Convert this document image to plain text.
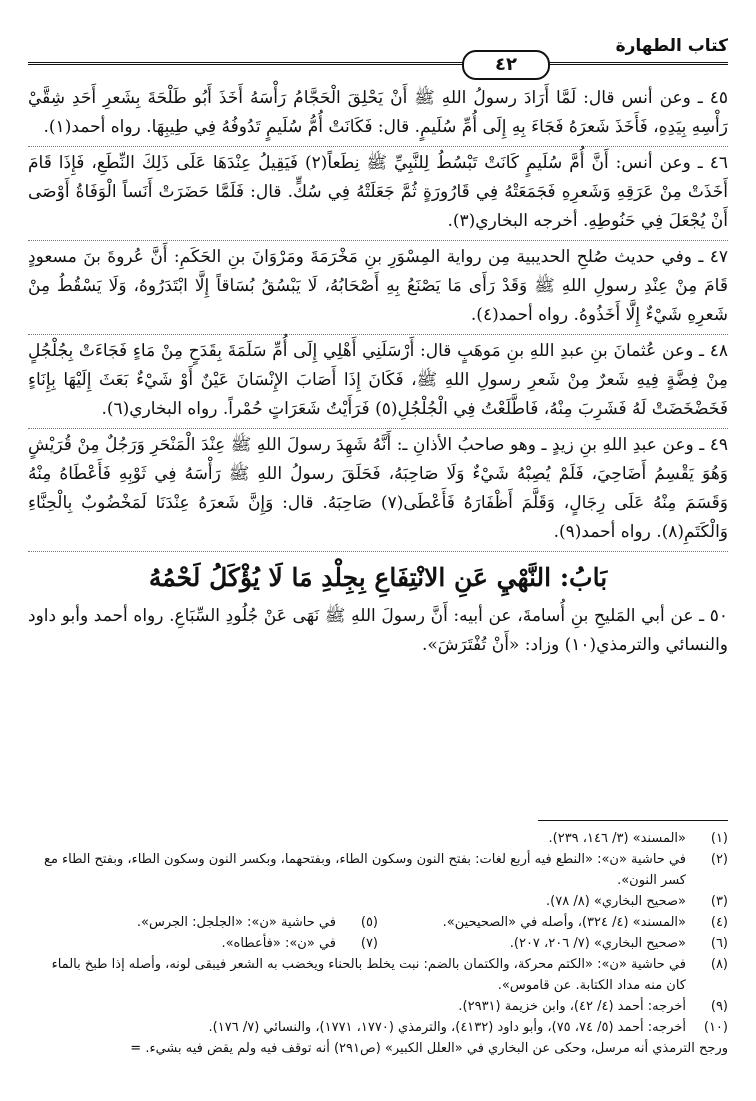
كتاب الطهارة
٤٢

٤٥ ـ وعن أنس قال: لَمَّا أَرَادَ رسولُ اللهِ ﷺ أَنْ يَحْلِقَ الْحَجَّامُ رَأْسَهُ أَخَذَ أَبُو طَلْحَةَ بِشَعرِ أَحَدِ شِقَّيْ رَأْسِهِ بِيَدِهِ، فَأَخَذَ شَعرَهُ فَجَاءَ بِهِ إِلَى أُمِّ سُلَيمٍ. قال: فَكَانَتْ أُمُّ سُلَيمٍ تَدُوفُهُ فِي طِيبِهَا. رواه أحمد(١).

٤٦ ـ وعن أنس: أَنَّ أُمَّ سُلَيمٍ كَانَتْ تَبْسُطُ لِلنَّبِيِّ ﷺ نِطَعاً(٢) فَيَقِيلُ عِنْدَهَا عَلَى ذَلِكَ النِّطَعِ، فَإِذَا قَامَ أَخَذَتْ مِنْ عَرَقِهِ وَشَعرِهِ فَجَمَعَتْهُ فِي قَارُورَةٍ ثُمَّ جَعَلَتْهُ فِي سُكٍّ. قال: فَلَمَّا حَضَرَتْ أَنَساً الْوَفَاةُ أَوْصَى أَنْ يُجْعَلَ فِي حَنُوطِهِ. أخرجه البخاري(٣).

٤٧ ـ وفي حديث صُلحِ الحديبية مِن رواية المِسْوَرِ بنِ مَخْرَمَةَ ومَرْوَانَ بنِ الحَكَمِ: أَنَّ عُروةَ بنَ مسعودٍ قَامَ مِنْ عِنْدِ رسولِ اللهِ ﷺ وَقَدْ رَأَى مَا يَصْنَعُ بِهِ أَصْحَابُهُ، لَا يَبْسُقُ بُسَاقاً إِلَّا ابْتَدَرُوهُ، وَلَا يَسْقُطُ مِنْ شَعرِهِ شَيْءٌ إِلَّا أَخَذُوهُ. رواه أحمد(٤).

٤٨ ـ وعن عُثمانَ بنِ عبدِ اللهِ بنِ مَوهَبٍ قال: أَرْسَلَنِي أَهْلِي إِلَى أُمِّ سَلَمَةَ بِقَدَحٍ مِنْ مَاءٍ فَجَاءَتْ بِجُلْجُلٍ مِنْ فِضَّةٍ فِيهِ شَعرٌ مِنْ شَعرِ رسولِ اللهِ ﷺ، فَكَانَ إِذَا أَصَابَ الإِنْسَانَ عَيْنٌ أَوْ شَيْءٌ بَعَثَ إِلَيْهَا بِإِنَاءٍ فَخَضْخَضَتْ لَهُ فَشَرِبَ مِنْهُ، فَاطَّلَعْتُ فِي الْجُلْجُلِ(٥) فَرَأَيْتُ شَعَرَاتٍ حُمْراً. رواه البخاري(٦).

٤٩ ـ وعن عبدِ اللهِ بنِ زيدٍ ـ وهو صاحبُ الأذانِ ـ: أَنَّهُ شَهِدَ رسولَ اللهِ ﷺ عِنْدَ الْمَنْحَرِ وَرَجُلٌ مِنْ قُرَيْشٍ وَهُوَ يَقْسِمُ أَضَاحِيَ، فَلَمْ يُصِبْهُ شَيْءٌ وَلَا صَاحِبَهُ، فَحَلَقَ رسولُ اللهِ ﷺ رَأْسَهُ فِي ثَوْبِهِ فَأَعْطَاهُ مِنْهُ وَقَسَمَ مِنْهُ عَلَى رِجَالٍ، وَقَلَّمَ أَظْفَارَهُ فَأَعْطَى(٧) صَاحِبَهُ. قال: وَإِنَّ شَعرَهُ عِنْدَنَا لَمَخْضُوبٌ بِالْحِنَّاءِ وَالْكَتَمِ(٨). رواه أحمد(٩).

بَابُ: النَّهْيِ عَنِ الانْتِفَاعِ بِجِلْدِ مَا لَا يُؤْكَلُ لَحْمُهُ

٥٠ ـ عن أبي المَليحِ بنِ أُسامةَ، عن أبيه: أَنَّ رسولَ اللهِ ﷺ نَهَى عَنْ جُلُودِ السِّبَاعِ. رواه أحمد وأبو داود والنسائي والترمذي(١٠) وزاد: «أَنْ تُفْتَرَشَ».

(١)
«المسند» (٣/ ١٤٦، ٢٣٩).
(٢)
في حاشية «ن»: «النطع فيه أربع لغات: بفتح النون وسكون الطاء، وبفتحهما، وبكسر النون وسكون الطاء، وبفتح الطاء مع كسر النون».
(٣)
«صحيح البخاري» (٨/ ٧٨).
(٤)
«المسند» (٤/ ٣٢٤)، وأصله في «الصحيحين».
(٥)
في حاشية «ن»: «الجلجل: الجرس».
(٦)
«صحيح البخاري» (٧/ ٢٠٦، ٢٠٧).
(٧)
في «ن»: «فأعطاه».
(٨)
في حاشية «ن»: «الكتم محركة، والكتمان بالضم: نبت يخلط بالحناء ويخضب به الشعر فيبقى لونه، وأصله إذا طبخ بالماء كان منه مداد الكتابة. عن قاموس».
(٩)
أخرجه: أحمد (٤/ ٤٢)، وابن خزيمة (٢٩٣١).
(١٠)
أخرجه: أحمد (٥/ ٧٤، ٧٥)، وأبو داود (٤١٣٢)، والترمذي (١٧٧٠، ١٧٧١)، والنسائي (٧/ ١٧٦).
ورجح الترمذي أنه مرسل، وحكى عن البخاري في «العلل الكبير» (ص٢٩١) أنه توقف فيه ولم يقض فيه بشيء. =
